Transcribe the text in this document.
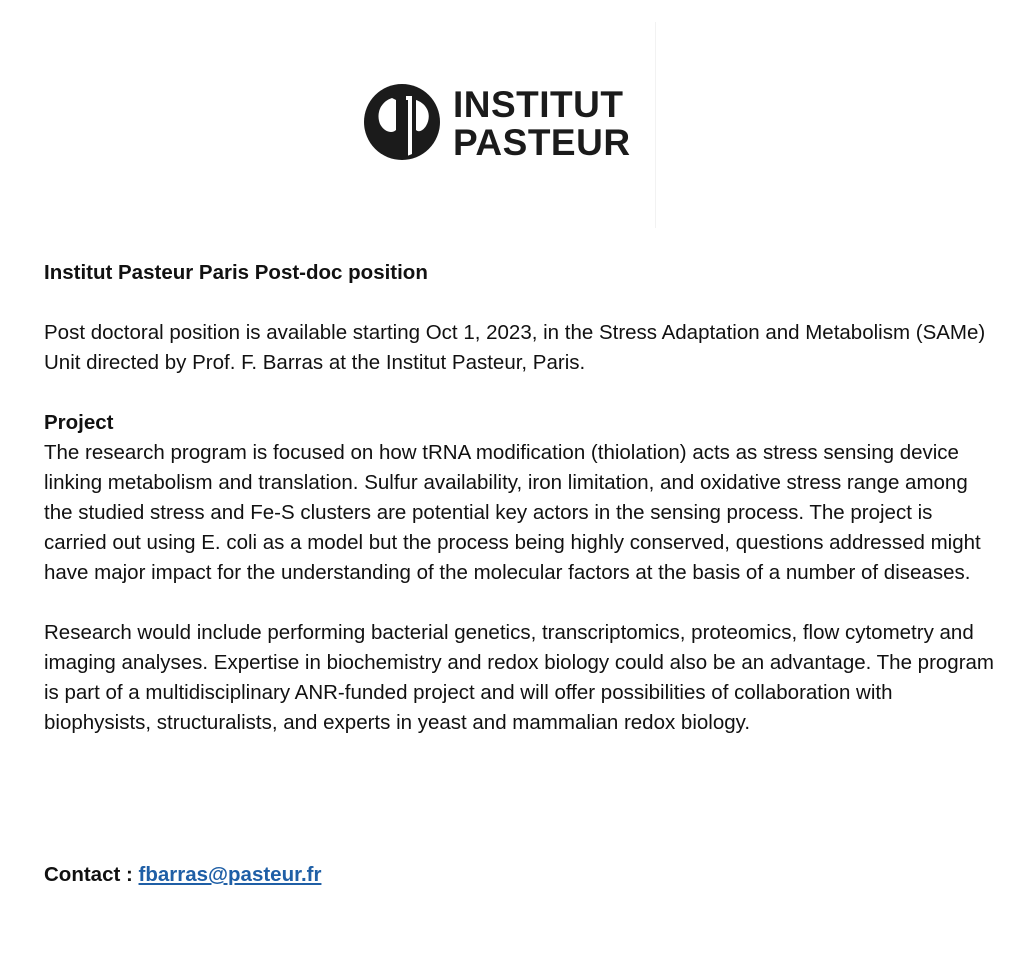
INSTITUT
PASTEUR

Institut Pasteur Paris Post-doc position

Post doctoral position is available starting Oct 1, 2023, in the Stress Adaptation and Metabolism (SAMe) Unit directed by Prof. F. Barras at the Institut Pasteur, Paris.

Project

The research program is focused on how tRNA modification (thiolation) acts as stress sensing device linking metabolism and translation. Sulfur availability, iron limitation, and oxidative stress range among the studied stress and Fe-S clusters are potential key actors in the sensing process. The project is carried out using E. coli as a model but the process being highly conserved, questions addressed might have major impact for the understanding of the molecular factors at the basis of a number of diseases.

Research would include performing bacterial genetics, transcriptomics, proteomics, flow cytometry and imaging analyses. Expertise in biochemistry and redox biology could also be an advantage. The program is part of a multidisciplinary ANR-funded project and will offer possibilities of collaboration with biophysists, structuralists, and experts in yeast and mammalian redox biology.

Contact : fbarras@pasteur.fr
